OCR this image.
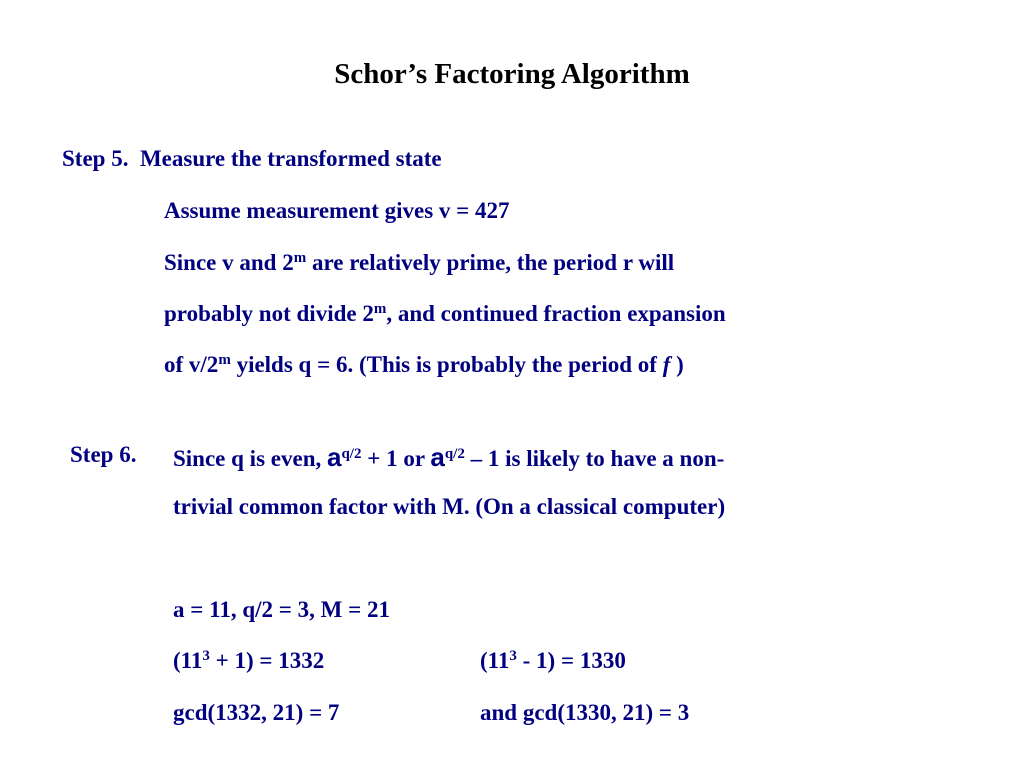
Schor’s Factoring Algorithm
Step 5. Measure the transformed state
Assume measurement gives v = 427
Since v and 2$^m$ are relatively prime, the period r will
probably not divide 2$^m$, and continued fraction expansion
of v/2$^m$ yields q = 6. (This is probably the period of f )
Step 6. Since q is even, $a^{q/2} + 1$ or $a^{q/2} - 1$ is likely to have a non-
trivial common factor with M. (On a classical computer)
a = 11, q/2 = 3, M = 21
$(11^3 + 1) = 1332$	$(11^3 - 1) = 1330$
gcd(1332, 21) = 7	and gcd(1330, 21) = 3
